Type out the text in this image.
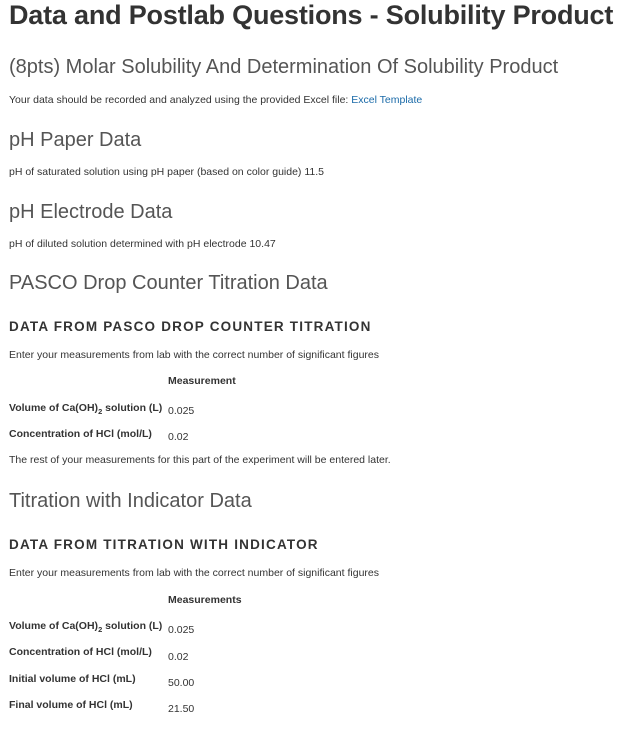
Data and Postlab Questions - Solubility Product
(8pts) Molar Solubility And Determination Of Solubility Product

Your data should be recorded and analyzed using the provided Excel file: Excel Template

pH Paper Data

pH of saturated solution using pH paper (based on color guide) 11.5

pH Electrode Data

pH of diluted solution determined with pH electrode 10.47

PASCO Drop Counter Titration Data
DATA FROM PASCO DROP COUNTER TITRATION

Enter your measurements from lab with the correct number of significant figures

Measurement

Volume of $Ca(OH)_2$ solution (L) 0.025

Concentration of HCl (mol/L) 0.02

The rest of your measurements for this part of the experiment will be entered later.

Titration with Indicator Data
DATA FROM TITRATION WITH INDICATOR

Enter your measurements from lab with the correct number of significant figures

Measurements

Volume of $Ca(OH)_2$ solution (L) 0.025

Concentration of HCl (mol/L) 0.02

Initial volume of HCl (mL)	50.00

Final volume of HCl (mL)	21.50
